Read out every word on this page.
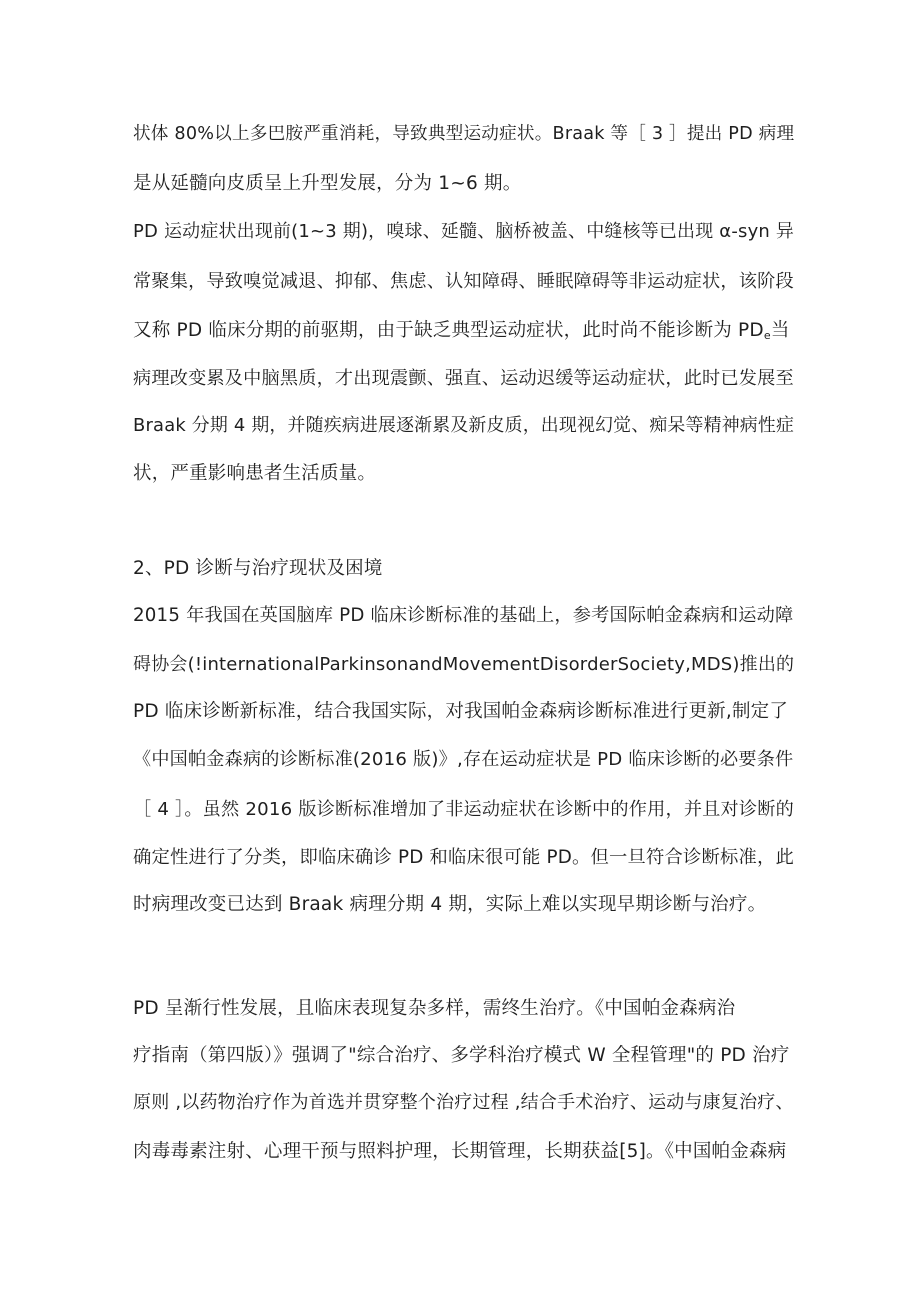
状体 80%以上多巴胺严重消耗，导致典型运动症状。Braak 等［ 3 ］提出 PD 病理
是从延髓向皮质呈上升型发展，分为 1~6 期。
PD 运动症状出现前(1~3 期)，嗅球、延髓、脑桥被盖、中缝核等已出现 α-syn 异
常聚集，导致嗅觉减退、抑郁、焦虑、认知障碍、睡眠障碍等非运动症状，该阶段
又称 PD 临床分期的前驱期，由于缺乏典型运动症状，此时尚不能诊断为 $PD_e$当
病理改变累及中脑黑质，才出现震颤、强直、运动迟缓等运动症状，此时已发展至
Braak 分期 4 期，并随疾病进展逐渐累及新皮质，出现视幻觉、痴呆等精神病性症
状，严重影响患者生活质量。
2、PD 诊断与治疗现状及困境
2015 年我国在英国脑库 PD 临床诊断标准的基础上，参考国际帕金森病和运动障
碍协会(!internationalParkinsonandMovementDisorderSociety,MDS)推出的
PD 临床诊断新标准，结合我国实际，对我国帕金森病诊断标准进行更新,制定了
《中国帕金森病的诊断标准(2016 版)》,存在运动症状是 PD 临床诊断的必要条件
［ 4 ］。虽然 2016 版诊断标准增加了非运动症状在诊断中的作用，并且对诊断的
确定性进行了分类，即临床确诊 PD 和临床很可能 PD。但一旦符合诊断标准，此
时病理改变已达到 Braak 病理分期 4 期，实际上难以实现早期诊断与治疗。
PD 呈渐行性发展，且临床表现复杂多样，需终生治疗。《中国帕金森病治
疗指南（第四版）》强调了"综合治疗、多学科治疗模式 W 全程管理"的 PD 治疗
原则 ,以药物治疗作为首选并贯穿整个治疗过程 ,结合手术治疗、运动与康复治疗、
肉毒毒素注射、心理干预与照料护理，长期管理，长期获益[5]。《中国帕金森病
